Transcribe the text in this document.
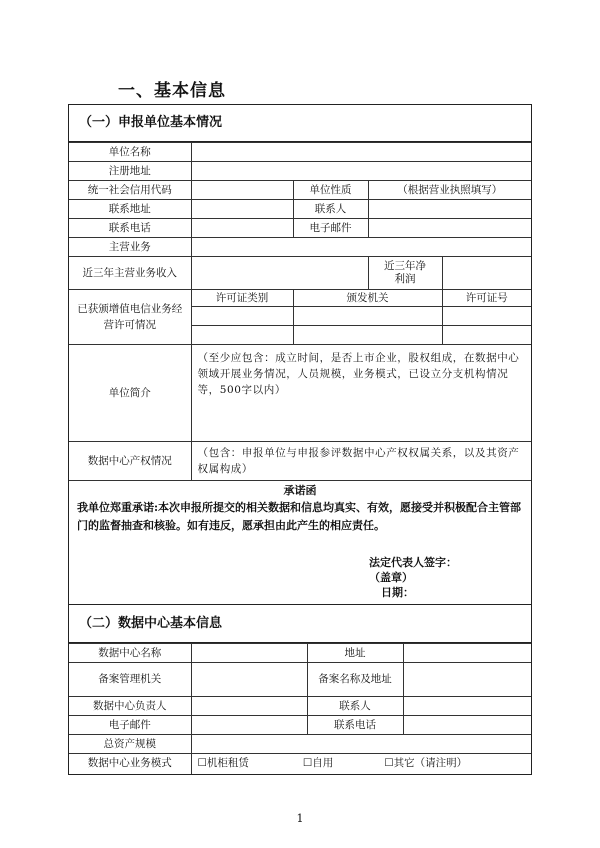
一、基本信息
（一）申报单位基本情况
单位名称	
注册地址	
统一社会信用代码		单位性质	（根据营业执照填写）
联系地址		联系人	
联系电话		电子邮件	
主营业务	
近三年主营业务收入		近三年净利润	
已获颁增值电信业务经营许可情况	许可证类别	颁发机关	许可证号

单位简介	（至少应包含：成立时间，是否上市企业，股权组成，在数据中心领域开展业务情况，人员规模，业务模式，已设立分支机构情况等，500字以内）
数据中心产权情况	（包含：申报单位与申报参评数据中心产权权属关系，以及其资产权属构成）

承诺函
我单位郑重承诺:本次申报所提交的相关数据和信息均真实、有效，愿接受并积极配合主管部门的监督抽查和核验。如有违反，愿承担由此产生的相应责任。

法定代表人签字：
（盖章）
日期：
（二）数据中心基本信息
数据中心名称		地址	
备案管理机关		备案名称及地址	
数据中心负责人		联系人	
电子邮件		联系电话	
总资产规模			
数据中心业务模式	☐机柜租赁 ☐自用 ☐其它（请注明）		
1
